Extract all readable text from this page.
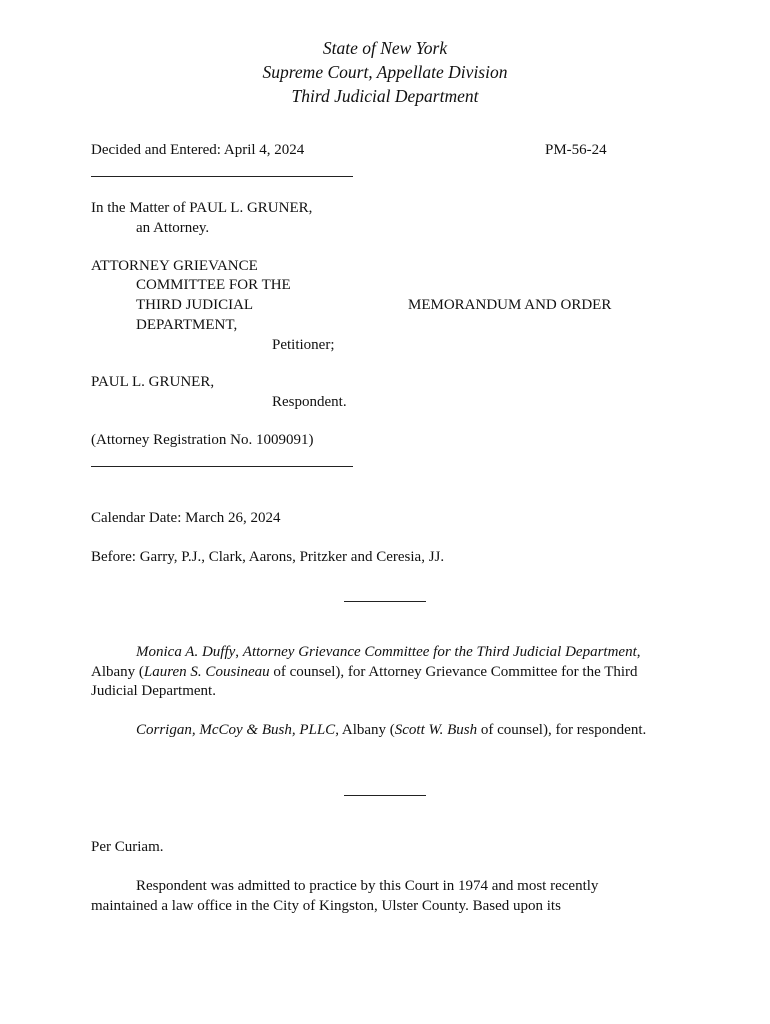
State of New York
Supreme Court, Appellate Division
Third Judicial Department
Decided and Entered: April 4, 2024	PM-56-24
In the Matter of PAUL L. GRUNER,
an Attorney.
ATTORNEY GRIEVANCE
COMMITTEE FOR THE
THIRD JUDICIAL
DEPARTMENT,
Petitioner;
MEMORANDUM AND ORDER
PAUL L. GRUNER,
Respondent.
(Attorney Registration No. 1009091)
Calendar Date: March 26, 2024
Before: Garry, P.J., Clark, Aarons, Pritzker and Ceresia, JJ.
Monica A. Duffy, Attorney Grievance Committee for the Third Judicial Department, Albany (Lauren S. Cousineau of counsel), for Attorney Grievance Committee for the Third Judicial Department.
Corrigan, McCoy & Bush, PLLC, Albany (Scott W. Bush of counsel), for respondent.
Per Curiam.
Respondent was admitted to practice by this Court in 1974 and most recently maintained a law office in the City of Kingston, Ulster County. Based upon its
